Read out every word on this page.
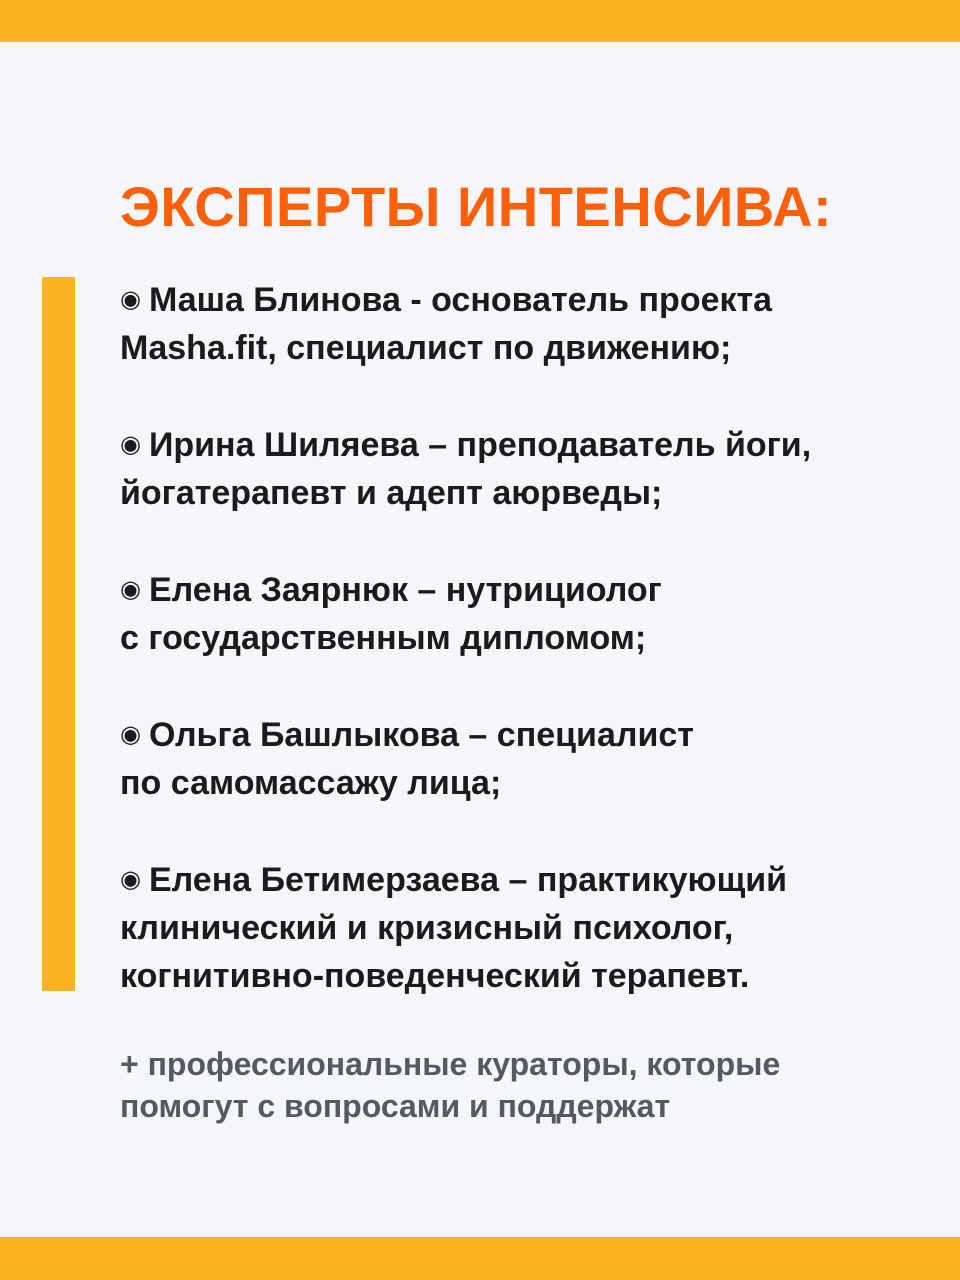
ЭКСПЕРТЫ ИНТЕНСИВА:
◉ Маша Блинова - основатель проекта
Masha.fit, специалист по движению;
◉ Ирина Шиляева – преподаватель йоги,
йогатерапевт и адепт аюрведы;
◉ Елена Заярнюк – нутрициолог
с государственным дипломом;
◉ Ольга Башлыкова – специалист
по самомассажу лица;
◉ Елена Бетимерзаева – практикующий
клинический и кризисный психолог,
когнитивно-поведенческий терапевт.
+ профессиональные кураторы, которые
помогут с вопросами и поддержат
